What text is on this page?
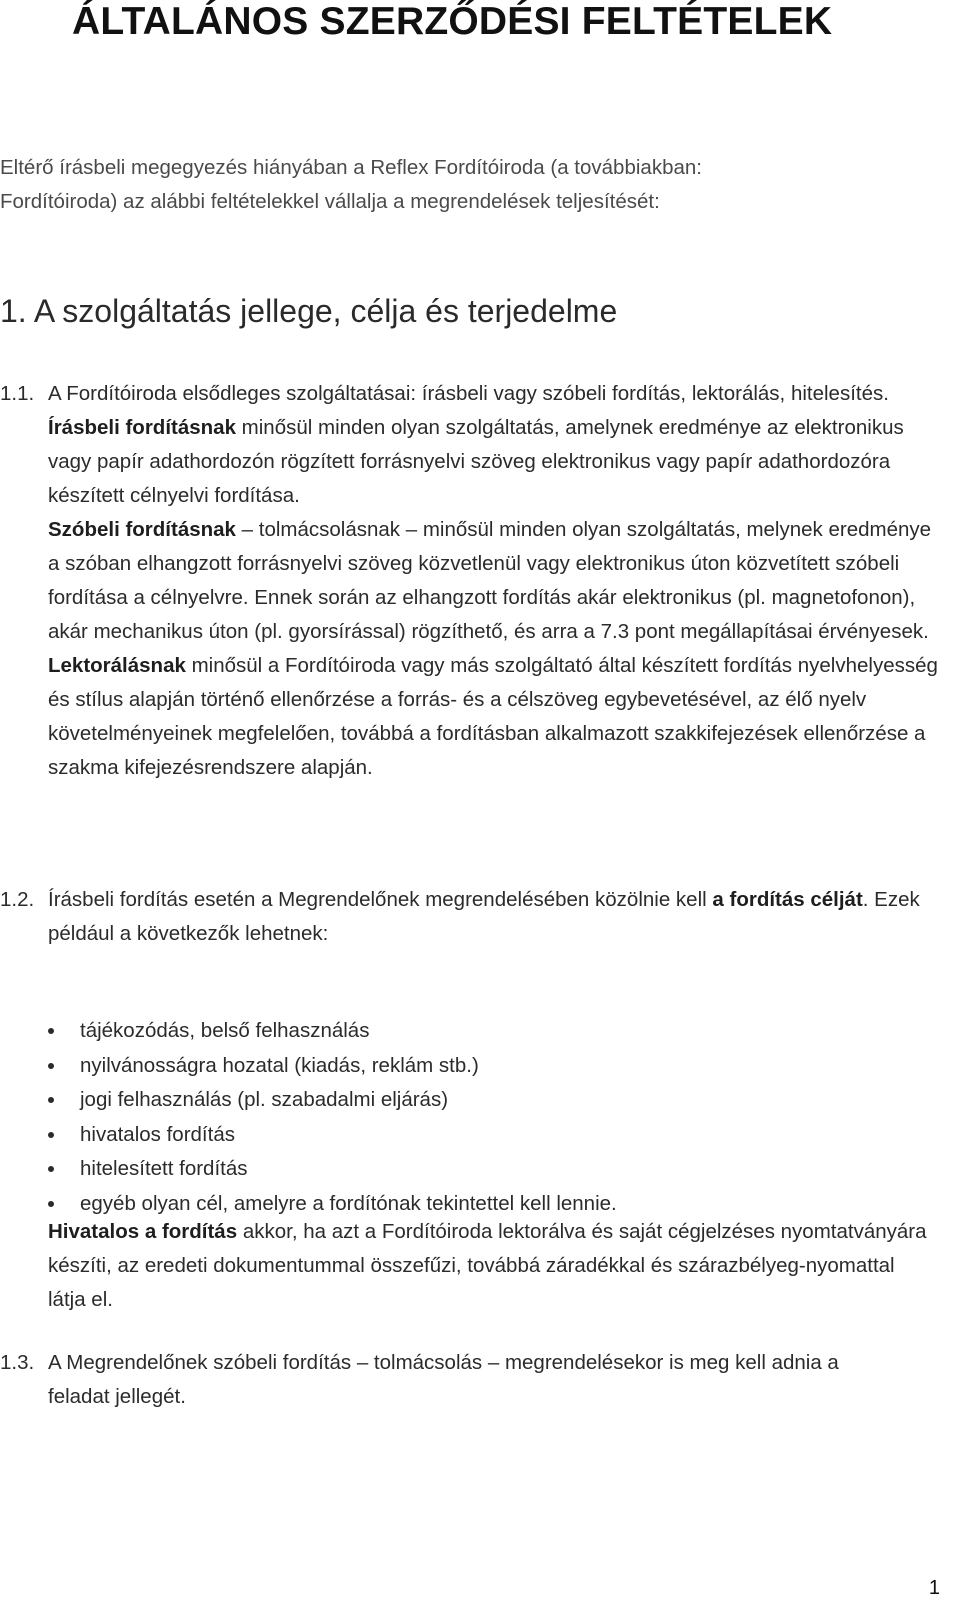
ÁLTALÁNOS SZERZŐDÉSI FELTÉTELEK

Eltérő írásbeli megegyezés hiányában a Reflex Fordítóiroda (a továbbiakban:

Fordítóiroda) az alábbi feltételekkel vállalja a megrendelések teljesítését:

1. A szolgáltatás jellege, célja és terjedelme
1.1. A Fordítóiroda elsődleges szolgáltatásai: írásbeli vagy szóbeli fordítás, lektorálás, hitelesítés.

Írásbeli fordításnak minősül minden olyan szolgáltatás, amelynek eredménye az elektronikus vagy papír adathordozón rögzített forrásnyelvi szöveg elektronikus vagy papír adathordozóra készített célnyelvi fordítása.

Szóbeli fordításnak – tolmácsolásnak – minősül minden olyan szolgáltatás, melynek eredménye a szóban elhangzott forrásnyelvi szöveg közvetlenül vagy elektronikus úton közvetített szóbeli fordítása a célnyelvre. Ennek során az elhangzott fordítás akár elektronikus (pl. magnetofonon), akár mechanikus úton (pl. gyorsírással) rögzíthető, és arra a 7.3 pont megállapításai érvényesek.

Lektorálásnak minősül a Fordítóiroda vagy más szolgáltató által készített fordítás nyelvhelyesség és stílus alapján történő ellenőrzése a forrás- és a célszöveg egybevetésével, az élő nyelv követelményeinek megfelelően, továbbá a fordításban alkalmazott szakkifejezések ellenőrzése a szakma kifejezésrendszere alapján.

1.2. Írásbeli fordítás esetén a Megrendelőnek megrendelésében közölnie kell a fordítás célját. Ezek például a következők lehetnek:

tájékozódás, belső felhasználás
nyilvánosságra hozatal (kiadás, reklám stb.)
jogi felhasználás (pl. szabadalmi eljárás)
hivatalos fordítás
hitelesített fordítás
egyéb olyan cél, amelyre a fordítónak tekintettel kell lennie.

Hivatalos a fordítás akkor, ha azt a Fordítóiroda lektorálva és saját cégjelzéses nyomtatványára készíti, az eredeti dokumentummal összefűzi, továbbá záradékkal és szárazbélyeg-nyomattal látja el.

1.3. A Megrendelőnek szóbeli fordítás – tolmácsolás – megrendelésekor is meg kell adnia a feladat jellegét.

1
